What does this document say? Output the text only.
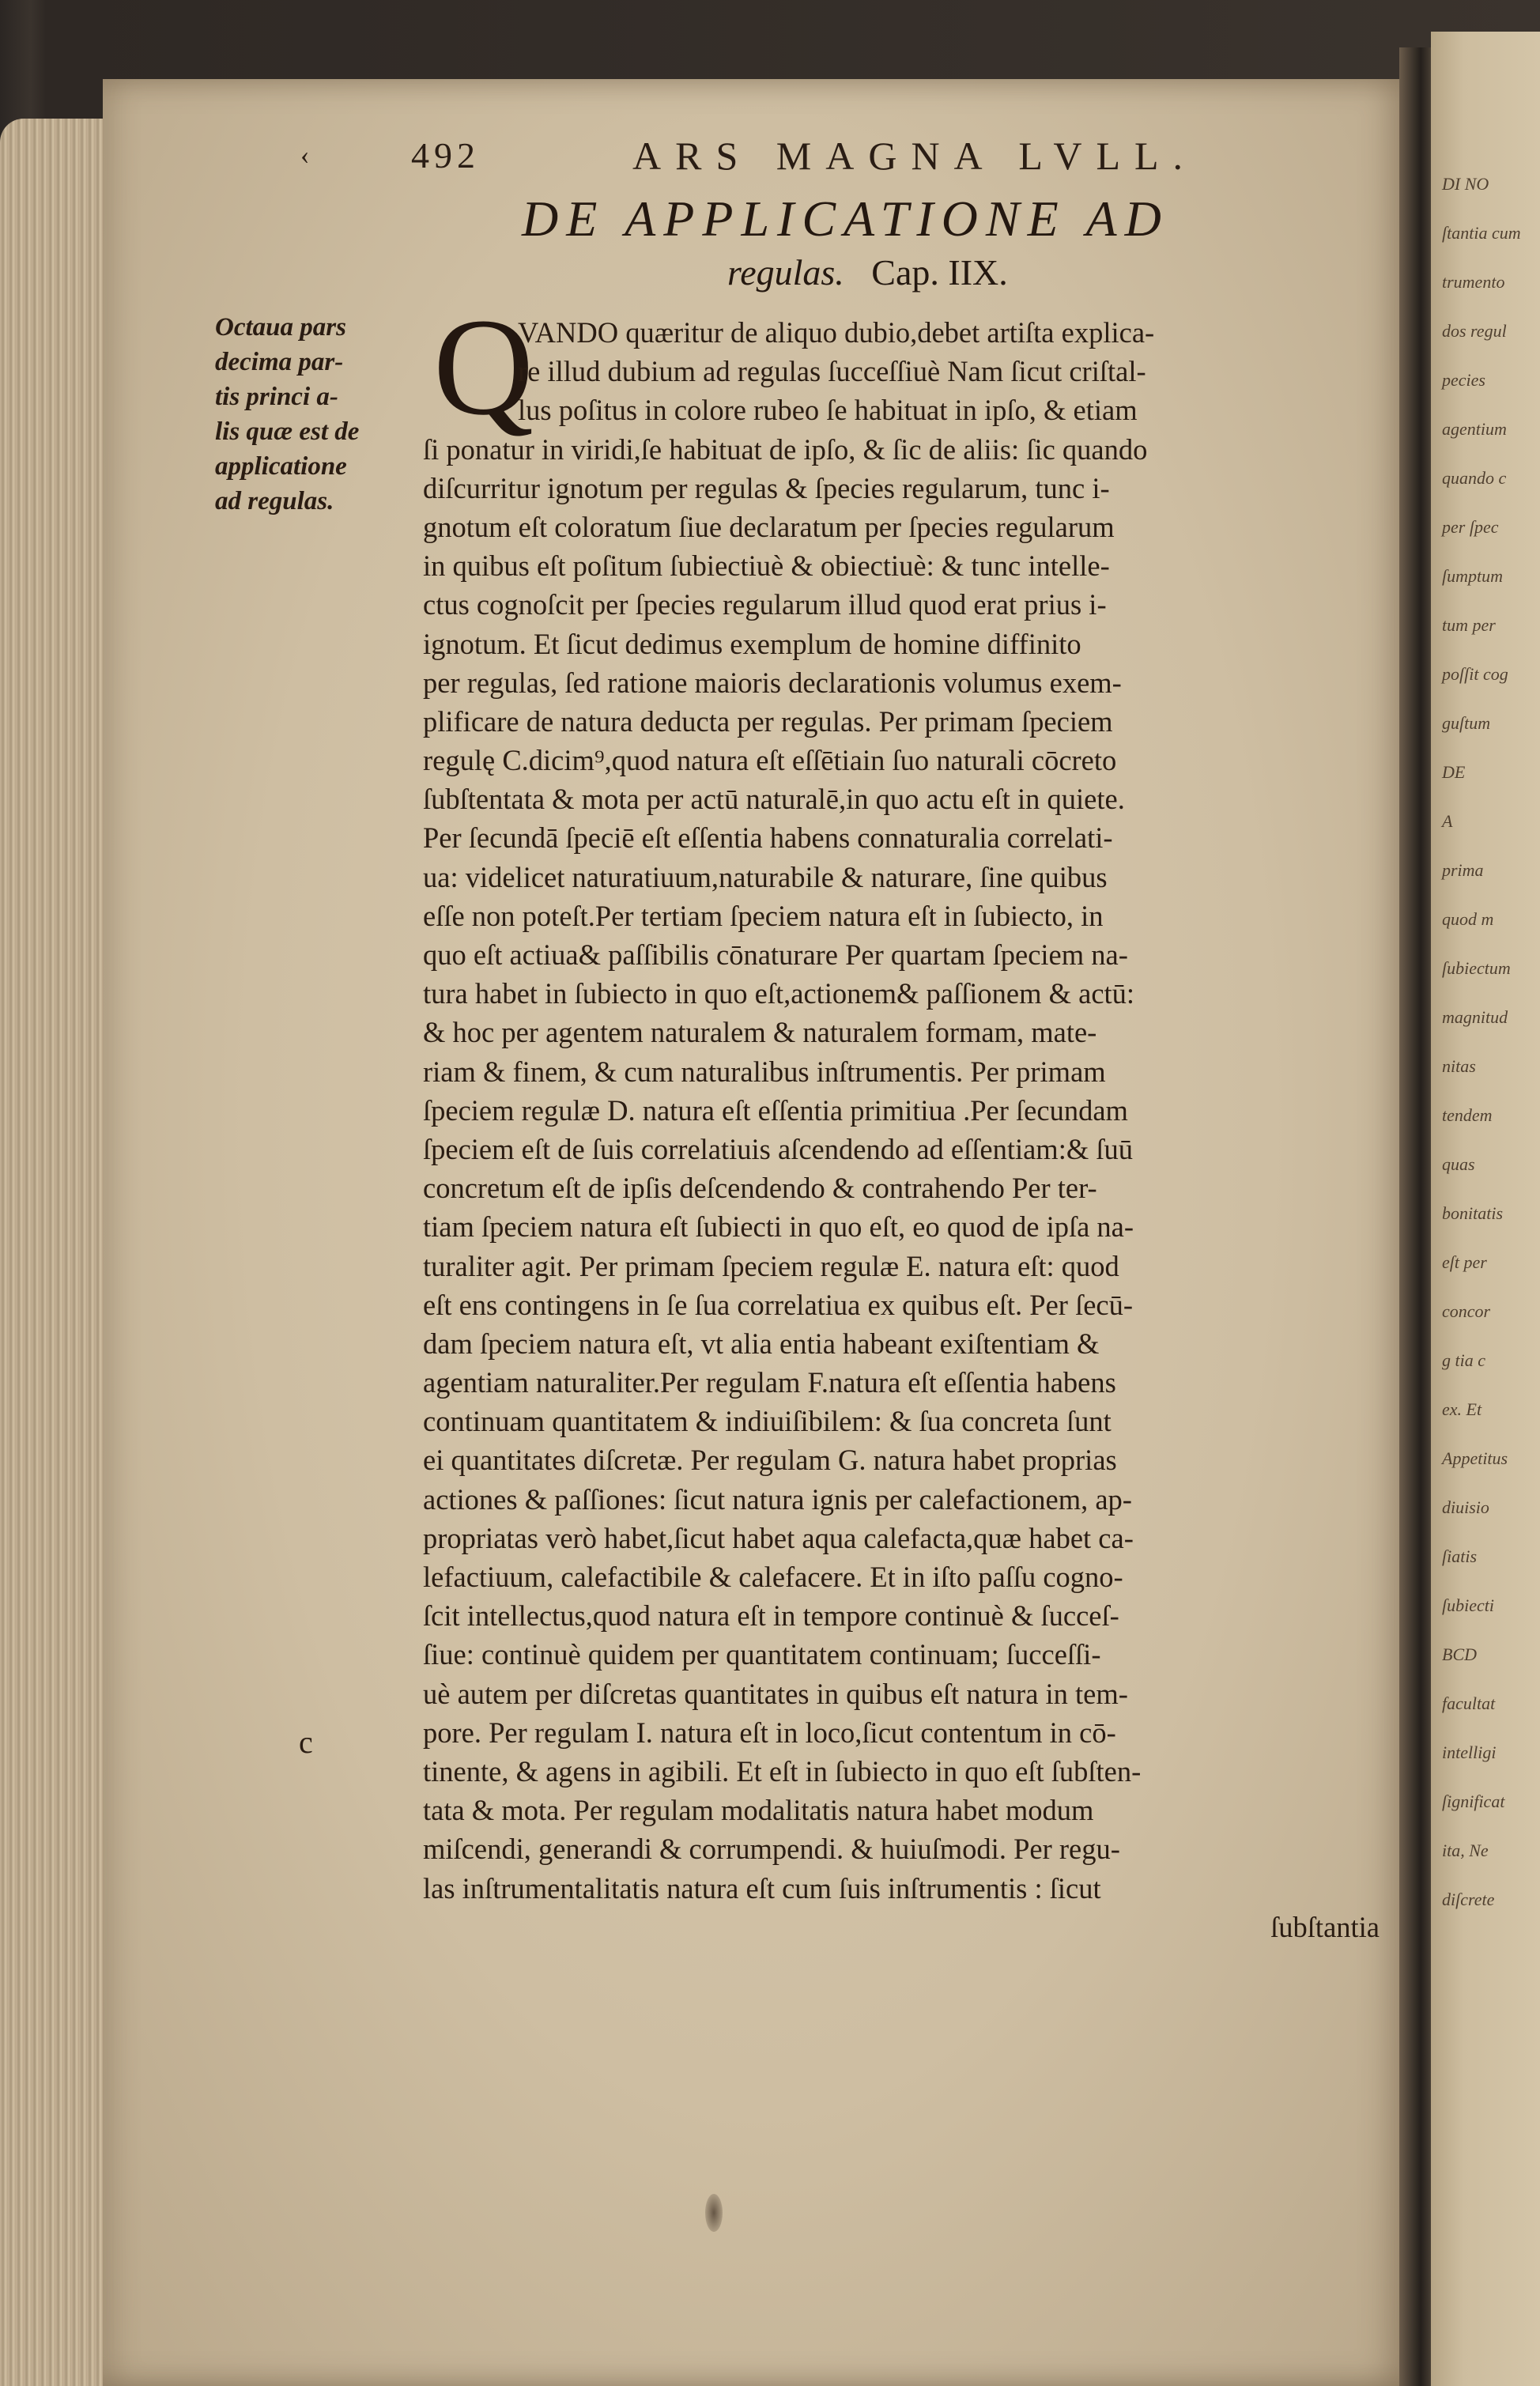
DI NO
ſtantia cum
trumento
dos regul
pecies
agentium
quando c
per ſpec
ſumptum
tum per
poſſit cog
guſtum
DE
A
prima
quod m
ſubiectum
magnitud
nitas
tendem
quas
bonitatis
eſt per
concor
g tia c
ex. Et
Appetitus
diuisio
ſiatis
ſubiecti
BCD
facultat
intelligi
ſignificat
ita, Ne
diſcrete
‹	492	ARS MAGNA LVLL.
DE APPLICATIONE AD
regulas. Cap. IIX.
Octaua pars
decima par-
tis princi a-
lis quæ est de
applicatione
ad regulas.
Q
VANDO quæritur de aliquo dubio,debet artiſta explica-
re illud dubium ad regulas ſucceſſiuè Nam ſicut criſtal-
lus poſitus in colore rubeo ſe habituat in ipſo, & etiam
ſi ponatur in viridi,ſe habituat de ipſo, & ſic de aliis: ſic quando
diſcurritur ignotum per regulas & ſpecies regularum, tunc i-
gnotum eſt coloratum ſiue declaratum per ſpecies regularum
in quibus eſt poſitum ſubiectiuè & obiectiuè: & tunc intelle-
ctus cognoſcit per ſpecies regularum illud quod erat prius i-
ignotum. Et ſicut dedimus exemplum de homine diffinito
per regulas, ſed ratione maioris declarationis volumus exem-
plificare de natura deducta per regulas. Per primam ſpeciem
regulę C.dicim⁹,quod natura eſt eſſētiain ſuo naturali cōcreto
ſubſtentata & mota per actū naturalē,in quo actu eſt in quiete.
Per ſecundā ſpeciē eſt eſſentia habens connaturalia correlati-
ua: videlicet naturatiuum,naturabile & naturare, ſine quibus
eſſe non poteſt.Per tertiam ſpeciem natura eſt in ſubiecto, in
quo eſt actiua& paſſibilis cōnaturare Per quartam ſpeciem na-
tura habet in ſubiecto in quo eſt,actionem& paſſionem & actū:
& hoc per agentem naturalem & naturalem formam, mate-
riam & finem, & cum naturalibus inſtrumentis. Per primam
ſpeciem regulæ D. natura eſt eſſentia primitiua .Per ſecundam
ſpeciem eſt de ſuis correlatiuis aſcendendo ad eſſentiam:& ſuū
concretum eſt de ipſis deſcendendo & contrahendo Per ter-
tiam ſpeciem natura eſt ſubiecti in quo eſt, eo quod de ipſa na-
turaliter agit. Per primam ſpeciem regulæ E. natura eſt: quod
eſt ens contingens in ſe ſua correlatiua ex quibus eſt. Per ſecū-
dam ſpeciem natura eſt, vt alia entia habeant exiſtentiam &
agentiam naturaliter.Per regulam F.natura eſt eſſentia habens
continuam quantitatem & indiuiſibilem: & ſua concreta ſunt
ei quantitates diſcretæ. Per regulam G. natura habet proprias
actiones & paſſiones: ſicut natura ignis per calefactionem, ap-
propriatas verò habet,ſicut habet aqua calefacta,quæ habet ca-
lefactiuum, calefactibile & calefacere. Et in iſto paſſu cogno-
ſcit intellectus,quod natura eſt in tempore continuè & ſucceſ-
ſiue: continuè quidem per quantitatem continuam; ſucceſſi-
uè autem per diſcretas quantitates in quibus eſt natura in tem-
pore. Per regulam I. natura eſt in loco,ſicut contentum in cō-
tinente, & agens in agibili. Et eſt in ſubiecto in quo eſt ſubſten-
tata & mota. Per regulam modalitatis natura habet modum
miſcendi, generandi & corrumpendi. & huiuſmodi. Per regu-
las inſtrumentalitatis natura eſt cum ſuis inſtrumentis : ſicut
ſubſtantia
c
